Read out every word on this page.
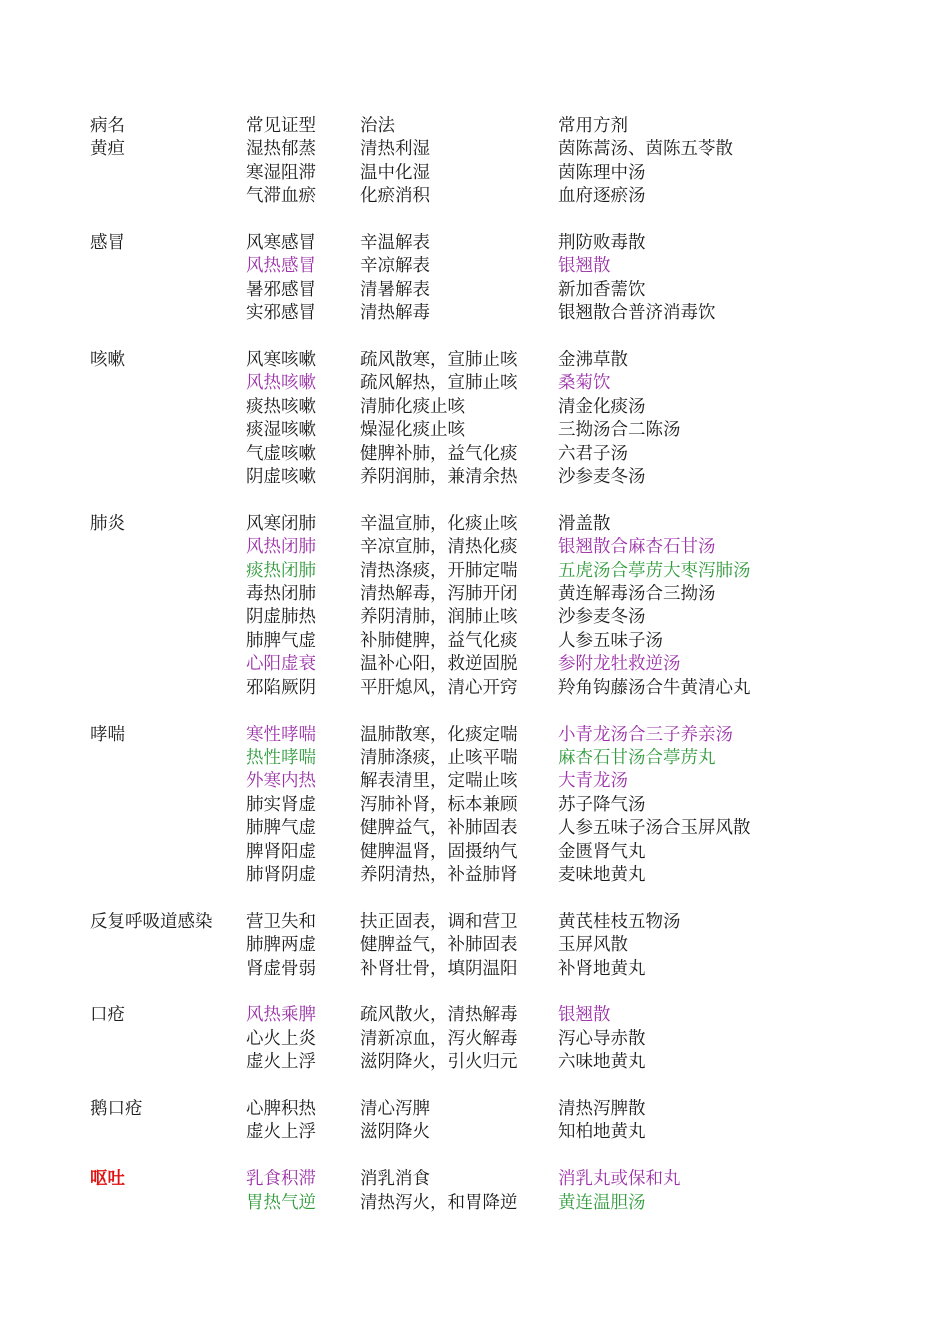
病名	常见证型	治法	常用方剂
黄疸	湿热郁蒸	清热利湿	茵陈蒿汤、茵陈五苓散
	寒湿阻滞	温中化湿	茵陈理中汤
	气滞血瘀	化瘀消积	血府逐瘀汤

感冒	风寒感冒	辛温解表	荆防败毒散
	风热感冒	辛凉解表	银翘散
	暑邪感冒	清暑解表	新加香薷饮
	实邪感冒	清热解毒	银翘散合普济消毒饮

咳嗽	风寒咳嗽	疏风散寒，宣肺止咳	金沸草散
	风热咳嗽	疏风解热，宣肺止咳	桑菊饮
	痰热咳嗽	清肺化痰止咳	清金化痰汤
	痰湿咳嗽	燥湿化痰止咳	三拗汤合二陈汤
	气虚咳嗽	健脾补肺，益气化痰	六君子汤
	阴虚咳嗽	养阴润肺，兼清余热	沙参麦冬汤

肺炎	风寒闭肺	辛温宣肺，化痰止咳	滑盖散
	风热闭肺	辛凉宣肺，清热化痰	银翘散合麻杏石甘汤
	痰热闭肺	清热涤痰，开肺定喘	五虎汤合葶苈大枣泻肺汤
	毒热闭肺	清热解毒，泻肺开闭	黄连解毒汤合三拗汤
	阴虚肺热	养阴清肺，润肺止咳	沙参麦冬汤
	肺脾气虚	补肺健脾，益气化痰	人参五味子汤
	心阳虚衰	温补心阳，救逆固脱	参附龙牡救逆汤
	邪陷厥阴	平肝熄风，清心开窍	羚角钩藤汤合牛黄清心丸

哮喘	寒性哮喘	温肺散寒，化痰定喘	小青龙汤合三子养亲汤
	热性哮喘	清肺涤痰，止咳平喘	麻杏石甘汤合葶苈丸
	外寒内热	解表清里，定喘止咳	大青龙汤
	肺实肾虚	泻肺补肾，标本兼顾	苏子降气汤
	肺脾气虚	健脾益气，补肺固表	人参五味子汤合玉屏风散
	脾肾阳虚	健脾温肾，固摄纳气	金匮肾气丸
	肺肾阴虚	养阴清热，补益肺肾	麦味地黄丸

反复呼吸道感染	营卫失和	扶正固表，调和营卫	黄芪桂枝五物汤
	肺脾两虚	健脾益气，补肺固表	玉屏风散
	肾虚骨弱	补肾壮骨，填阴温阳	补肾地黄丸

口疮	风热乘脾	疏风散火，清热解毒	银翘散
	心火上炎	清新凉血，泻火解毒	泻心导赤散
	虚火上浮	滋阴降火，引火归元	六味地黄丸

鹅口疮	心脾积热	清心泻脾	清热泻脾散
	虚火上浮	滋阴降火	知柏地黄丸

呕吐	乳食积滞	消乳消食	消乳丸或保和丸
	胃热气逆	清热泻火，和胃降逆	黄连温胆汤
